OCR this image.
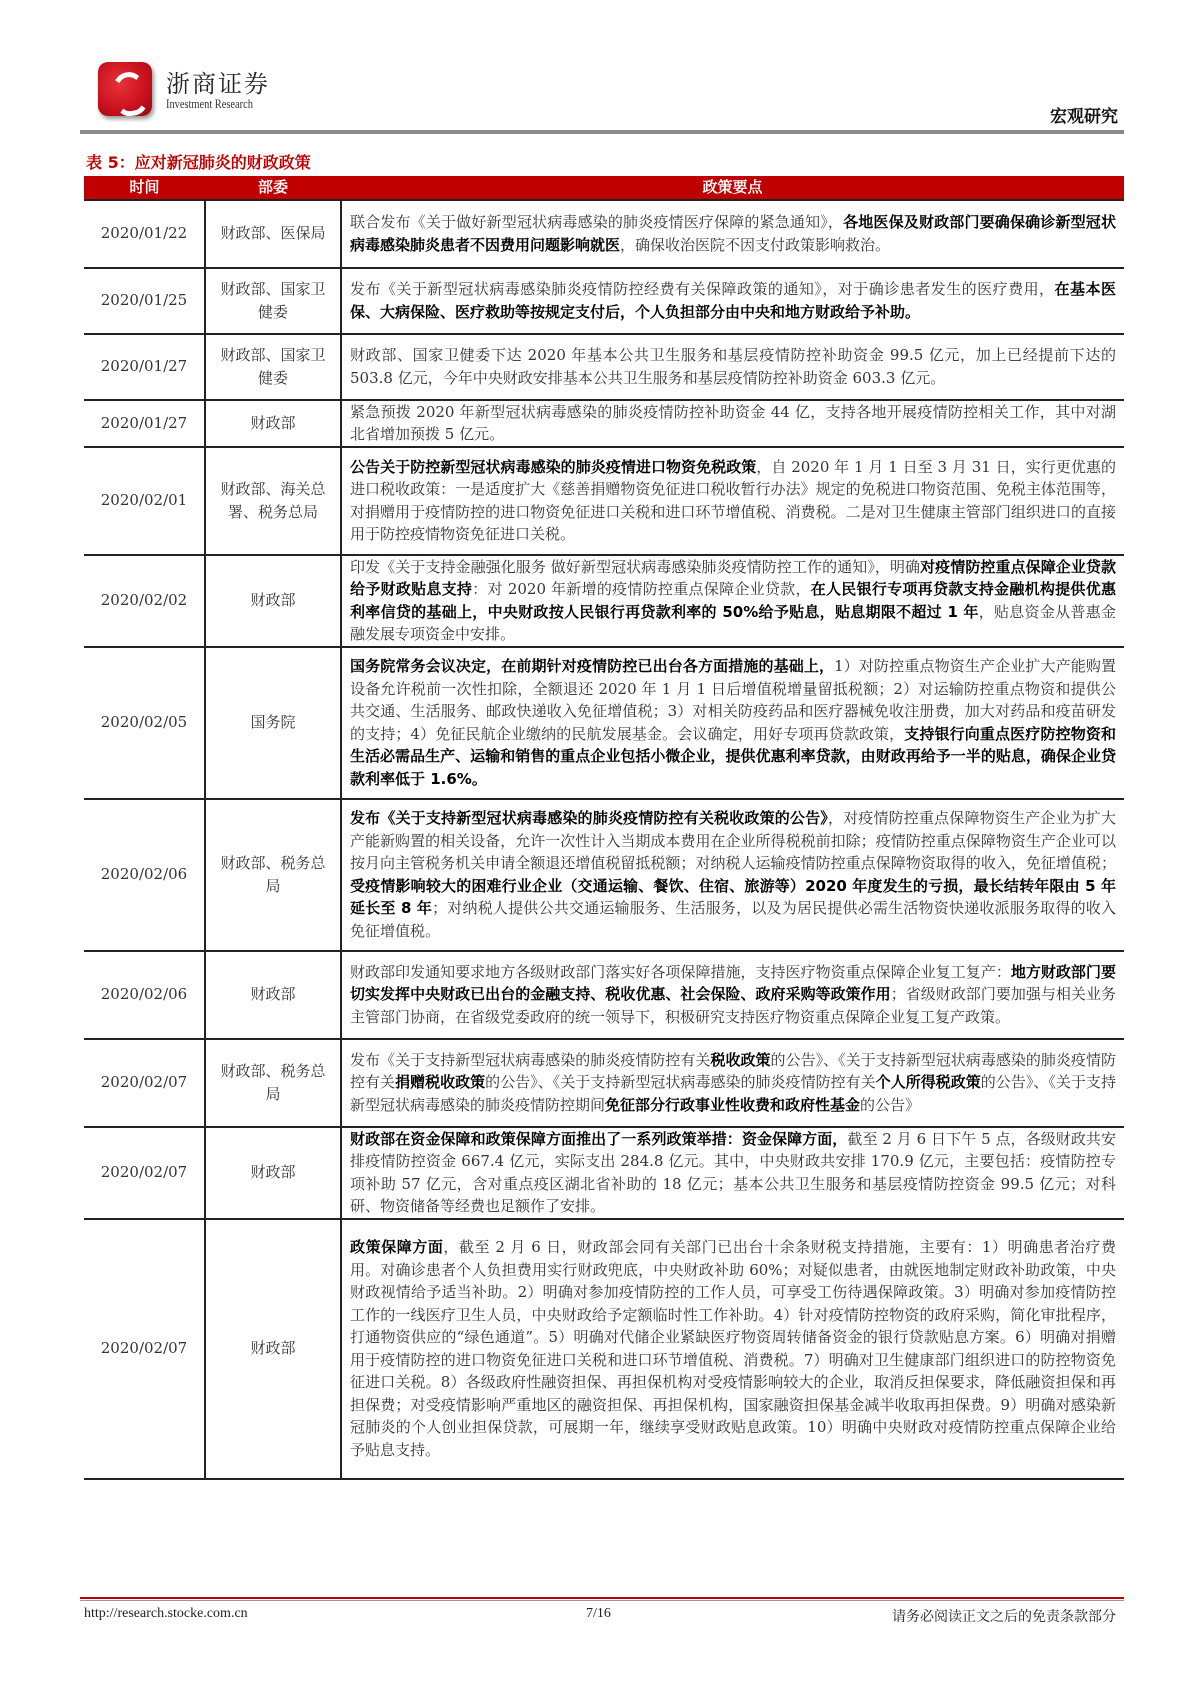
浙商证券
Investment Research
宏观研究
表 5：应对新冠肺炎的财政政策
时间	部委	政策要点
2020/01/22	财政部、医保局	联合发布《关于做好新型冠状病毒感染的肺炎疫情医疗保障的紧急通知》，各地医保及财政部门要确保确诊新型冠状病毒感染肺炎患者不因费用问题影响就医，确保收治医院不因支付政策影响救治。
2020/01/25	财政部、国家卫健委	发布《关于新型冠状病毒感染肺炎疫情防控经费有关保障政策的通知》，对于确诊患者发生的医疗费用，在基本医保、大病保险、医疗救助等按规定支付后，个人负担部分由中央和地方财政给予补助。
2020/01/27	财政部、国家卫健委	财政部、国家卫健委下达 2020 年基本公共卫生服务和基层疫情防控补助资金 99.5 亿元，加上已经提前下达的 503.8 亿元，今年中央财政安排基本公共卫生服务和基层疫情防控补助资金 603.3 亿元。
2020/01/27	财政部	紧急预拨 2020 年新型冠状病毒感染的肺炎疫情防控补助资金 44 亿，支持各地开展疫情防控相关工作，其中对湖北省增加预拨 5 亿元。
2020/02/01	财政部、海关总署、税务总局	公告关于防控新型冠状病毒感染的肺炎疫情进口物资免税政策，自 2020 年 1 月 1 日至 3 月 31 日，实行更优惠的进口税收政策：一是适度扩大《慈善捐赠物资免征进口税收暂行办法》规定的免税进口物资范围、免税主体范围等，对捐赠用于疫情防控的进口物资免征进口关税和进口环节增值税、消费税。二是对卫生健康主管部门组织进口的直接用于防控疫情物资免征进口关税。
2020/02/02	财政部	印发《关于支持金融强化服务 做好新型冠状病毒感染肺炎疫情防控工作的通知》，明确对疫情防控重点保障企业贷款给予财政贴息支持：对 2020 年新增的疫情防控重点保障企业贷款，在人民银行专项再贷款支持金融机构提供优惠利率信贷的基础上，中央财政按人民银行再贷款利率的 50%给予贴息，贴息期限不超过 1 年，贴息资金从普惠金融发展专项资金中安排。
2020/02/05	国务院	国务院常务会议决定，在前期针对疫情防控已出台各方面措施的基础上，1）对防控重点物资生产企业扩大产能购置设备允许税前一次性扣除，全额退还 2020 年 1 月 1 日后增值税增量留抵税额；2）对运输防控重点物资和提供公共交通、生活服务、邮政快递收入免征增值税；3）对相关防疫药品和医疗器械免收注册费，加大对药品和疫苗研发的支持；4）免征民航企业缴纳的民航发展基金。会议确定，用好专项再贷款政策，支持银行向重点医疗防控物资和生活必需品生产、运输和销售的重点企业包括小微企业，提供优惠利率贷款，由财政再给予一半的贴息，确保企业贷款利率低于 1.6%。
2020/02/06	财政部、税务总局	发布《关于支持新型冠状病毒感染的肺炎疫情防控有关税收政策的公告》，对疫情防控重点保障物资生产企业为扩大产能新购置的相关设备，允许一次性计入当期成本费用在企业所得税税前扣除；疫情防控重点保障物资生产企业可以按月向主管税务机关申请全额退还增值税留抵税额；对纳税人运输疫情防控重点保障物资取得的收入，免征增值税；受疫情影响较大的困难行业企业（交通运输、餐饮、住宿、旅游等）2020 年度发生的亏损，最长结转年限由 5 年延长至 8 年；对纳税人提供公共交通运输服务、生活服务，以及为居民提供必需生活物资快递收派服务取得的收入免征增值税。
2020/02/06	财政部	财政部印发通知要求地方各级财政部门落实好各项保障措施，支持医疗物资重点保障企业复工复产：地方财政部门要切实发挥中央财政已出台的金融支持、税收优惠、社会保险、政府采购等政策作用；省级财政部门要加强与相关业务主管部门协商，在省级党委政府的统一领导下，积极研究支持医疗物资重点保障企业复工复产政策。
2020/02/07	财政部、税务总局	发布《关于支持新型冠状病毒感染的肺炎疫情防控有关税收政策的公告》、《关于支持新型冠状病毒感染的肺炎疫情防控有关捐赠税收政策的公告》、《关于支持新型冠状病毒感染的肺炎疫情防控有关个人所得税政策的公告》、《关于支持新型冠状病毒感染的肺炎疫情防控期间免征部分行政事业性收费和政府性基金的公告》
2020/02/07	财政部	财政部在资金保障和政策保障方面推出了一系列政策举措：资金保障方面，截至 2 月 6 日下午 5 点，各级财政共安排疫情防控资金 667.4 亿元，实际支出 284.8 亿元。其中，中央财政共安排 170.9 亿元，主要包括：疫情防控专项补助 57 亿元，含对重点疫区湖北省补助的 18 亿元；基本公共卫生服务和基层疫情防控资金 99.5 亿元；对科研、物资储备等经费也足额作了安排。
2020/02/07	财政部	政策保障方面，截至 2 月 6 日，财政部会同有关部门已出台十余条财税支持措施，主要有：1）明确患者治疗费用。对确诊患者个人负担费用实行财政兜底，中央财政补助 60%；对疑似患者，由就医地制定财政补助政策，中央财政视情给予适当补助。2）明确对参加疫情防控的工作人员，可享受工伤待遇保障政策。3）明确对参加疫情防控工作的一线医疗卫生人员，中央财政给予定额临时性工作补助。4）针对疫情防控物资的政府采购，简化审批程序，打通物资供应的“绿色通道”。5）明确对代储企业紧缺医疗物资周转储备资金的银行贷款贴息方案。6）明确对捐赠用于疫情防控的进口物资免征进口关税和进口环节增值税、消费税。7）明确对卫生健康部门组织进口的防控物资免征进口关税。8）各级政府性融资担保、再担保机构对受疫情影响较大的企业，取消反担保要求，降低融资担保和再担保费；对受疫情影响严重地区的融资担保、再担保机构，国家融资担保基金减半收取再担保费。9）明确对感染新冠肺炎的个人创业担保贷款，可展期一年，继续享受财政贴息政策。10）明确中央财政对疫情防控重点保障企业给予贴息支持。
http://research.stocke.com.cn	7/16	请务必阅读正文之后的免责条款部分
